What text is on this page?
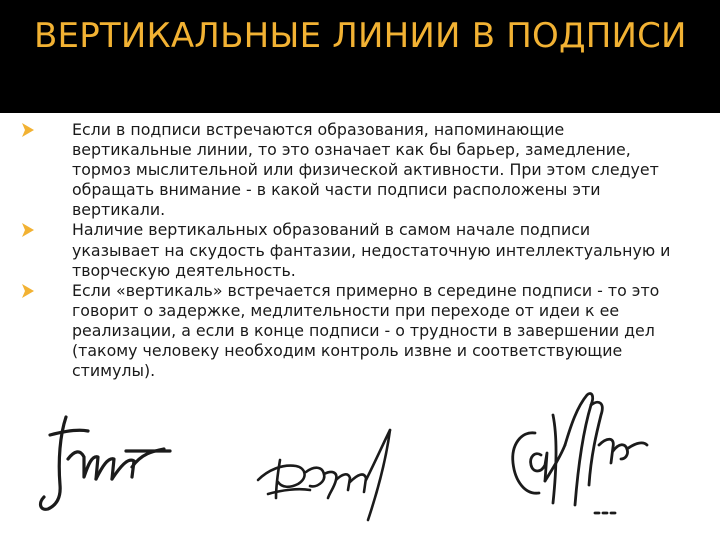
ВЕРТИКАЛЬНЫЕ ЛИНИИ В ПОДПИСИ
Если в подписи встречаются образования, напоминающие вертикальные линии, то это означает как бы барьер, замедление, тормоз мыслительной или физической активности. При этом следует обращать внимание - в какой части подписи расположены эти вертикали.
Наличие вертикальных образований в самом начале подписи указывает на скудость фантазии, недостаточную интеллектуальную и творческую деятельность.
Если «вертикаль» встречается примерно в середине подписи - то это говорит о задержке, медлительности при переходе от идеи к ее реализации, а если в конце подписи - о трудности в завершении дел (такому человеку необходим контроль извне и соответствующие стимулы).
